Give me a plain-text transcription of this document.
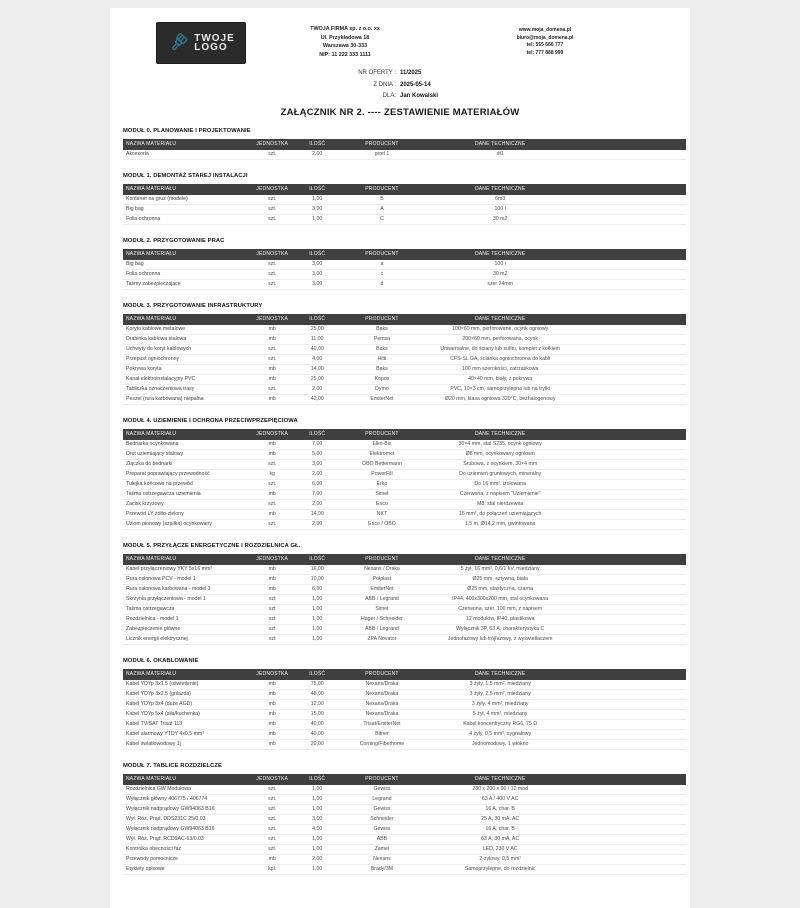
TWOJE
LOGO
TWOJA FIRMA sp. z o.o. xx
Ul. Przykładowa 18
Warszawa 30-333
NIP: 11 222 333 1111
www.moja_domena.pl
biuro@moja_domena.pl
tel: 555 666 777
tel: 777 888 999
NR OFERTY : 11/2025
Z DNIA : 2025-05-14
DLA: Jan Kowalski
ZAŁĄCZNIK NR 2. ---- ZESTAWIENIE MATERIAŁÓW
MODUŁ 0. PLANOWANIE I PROJEKTOWANIE
NAZWA MATERIAŁU	JEDNOSTKA	ILOŚĆ	PRODUCENT	DANE TECHNICZNE	
Akcesoria	szt.	2,00	prod 1	dt1	
MODUŁ 1. DEMONTAŻ STAREJ INSTALACJI
NAZWA MATERIAŁU	JEDNOSTKA	ILOŚĆ	PRODUCENT	DANE TECHNICZNE	
Kontener na gruz (modele)	szt.	1,00	B	6m3	
Big bag	szt.	3,00	A	100 l	
Folia ochronna	szt.	1,00	C	30 m2	
MODUŁ 2. PRZYGOTOWANIE PRAC
NAZWA MATERIAŁU	JEDNOSTKA	ILOŚĆ	PRODUCENT	DANE TECHNICZNE	
Big bag	szt.	3,00	a	100 l	
Folia ochronna	szt.	3,00	c	30 m2	
Taśmy zabezpieczające	szt.	3,00	d	szer 24mm	
MODUŁ 3. PRZYGOTOWANIE INFRASTRUKTURY
NAZWA MATERIAŁU	JEDNOSTKA	ILOŚĆ	PRODUCENT	DANE TECHNICZNE	
Koryto kablowe metalowe	mb	25,00	Baks	100×60 mm, perforowane, ocynk ogniowy	
Drabinka kablowa stalowa	mb	11,00	Pemsa	200×60 mm, perforowana, ocynk	
Uchwyty do koryt kablowych	szt.	40,00	Baks	Uniwersalne, do ściany lub sufitu, komplet z kołkiem	
Przepust ogniochronny	szt.	4,00	Hilti	CFS-SL GA, ścianka ogniochronna do kabli	
Pokrywa koryta	mb	14,00	Baks	100 mm szerokości, zatrzaskowa	
Kanał elektroinstalacyjny PVC	mb	25,00	Kopos	40×40 mm, biały, z pokrywą	
Tabliczka oznaczeniowa trasy	szt.	2,00	Dymo	PVC, 10×3 cm, samoprzylepna lub na trytki	
Peszel (rura karbowana) niepalna	mb	42,00	EmiterNet	Ø20 mm, klasa ogniowa 320°C, bezhalogenowy	
MODUŁ 4. UZIEMIENIE I OCHRONA PRZECIWPRZEPIĘCIOWA
NAZWA MATERIAŁU	JEDNOSTKA	ILOŚĆ	PRODUCENT	DANE TECHNICZNE	
Bednarka ocynkowana	mb	7,00	Elko-Bis	30×4 mm, stal S235, ocynk ogniowy	
Drut uziemiający stalowy	mb	5,00	Elektromet	Ø8 mm, ocynkowany ogniowo	
Złączka do bednarki	szt.	3,00	OBO Bettermann	Śrubowa, z ocynkiem, 30×4 mm	
Preparat poprawiający przewodność	kg	2,00	PowerFill	Do uziemień gruntowych, mineralny	
Tulejka końcowa na przewód	szt.	6,00	Erko	Do 16 mm², izolowana	
Taśma ostrzegawcza uziemienia	mb	7,00	Simet	Czerwona, z napisem "Uziemienie"	
Zacisk krzyżowy	szt.	2,00	Erico	M8, stal nierdzewna	
Przewód LY żółto-zielony	mb	14,00	NKT	16 mm², do połączeń uziemiających	
Uziom pionowy (szpilka) ocynkowany	szt.	2,00	Erico / OBO	1,5 m, Ø14,2 mm, gwintowana	
MODUŁ 5. PRZYŁĄCZE ENERGETYCZNE I ROZDZIELNICA GŁ.
NAZWA MATERIAŁU	JEDNOSTKA	ILOŚĆ	PRODUCENT	DANE TECHNICZNE	
Kabel przyłączeniowy YKY 5x16 mm²	mb	16,00	Nexans / Draka	5 żył, 16 mm², 0,6/1 kV, miedziany	
Rura osłonowa PCV - model 1	mb	10,00	Polplast	Ø25 mm, sztywna, biała	
Rura osłonowa karbowana - model 3	mb	6,00	EmiterNet	Ø25 mm, elastyczna, czarna	
Skrzynia przyłączeniowa - model 1	szt	1,00	ABB / Legrand	IP44, 400x300x200 mm, stal ocynkowana	
Taśma ostrzegawcza	szt	1,00	Simet	Czerwona, szer. 100 mm, z napisem	
Rozdzielnica - model 1	szt	1,00	Hager / Schneider	12 modułów, IP40, plastikowa	
Zabezpieczenie główne	szt	1,00	ABB / Legrand	Wyłącznik 3P, 63 A, charakterystyka C	
Licznik energii elektrycznej	szt	1,00	ZPA Novator	Jednofazowy lub trójfazowy, z wyświetlaczem	
MODUŁ 6. OKABLOWANIE
NAZWA MATERIAŁU	JEDNOSTKA	ILOŚĆ	PRODUCENT	DANE TECHNICZNE	
Kabel YDYp 3x1.5 (oświetlenie)	mb	75,00	Nexans/Draka	3 żyły, 1,5 mm², miedziany	
Kabel YDYp 3x2.5 (gniazda)	mb	48,00	Nexans/Draka	3 żyły, 2,5 mm², miedziany	
Kabel YDYp 3x4 (duże AGD)	mb	12,00	Nexans/Draka	3 żyły, 4 mm², miedziany	
Kabel YDYp 5x4 (siła/kuchenka)	mb	15,00	Nexans/Draka	5 żył, 4 mm², miedziany	
Kabel TV/SAT Trisat 113	mb	40,00	Trisat/EmiterNet	Kabel koncentryczny RG6, 75 Ω	
Kabel alarmowy YTDY 4x0,5 mm²	mb	40,00	Bitner	4 żyły, 0,5 mm², sygnałowy	
Kabel światłowodowy 1j	mb	20,00	Corning/Fiberhome	Jednomodowy, 1 włókno	
MODUŁ 7. TABLICE ROZDZIELCZE
NAZWA MATERIAŁU	JEDNOSTKA	ILOŚĆ	PRODUCENT	DANE TECHNICZNE	
Rozdzielnica GW Modułowa	szt.	1,00	Gewiss	280 x 200 x 90 / 12 mod	
Wyłącznik główny 406775 / 406774	szt.	1,00	Legrand	63 A / 400 V AC	
Wyłącznik nadprądowy GW94063 B16	szt.	1,00	Gewiss	16 A, char. B	
Wył. Róż. Prąd. DDS231C 25/0.03	szt.	3,00	Schneider	25 A, 30 mA, AC	
Wyłącznik nadprądowy GW94063 B16	szt.	4,00	Gewiss	16 A, char. B	
Wył. Róż. Prąd. RCD9AC-63/0.03	szt.	1,00	ABB	63 A, 30 mA, AC	
Kontrolka obecności faz	szt.	1,00	Zamel	LED, 230 V AC	
Przewody pomocnicze	mb	2,00	Nexans	2-żyłowy, 0,5 mm²	
Etykiety opisowe	kpl.	1,00	Brady/3M	Samoprzylepne, do rozdzielnic	
